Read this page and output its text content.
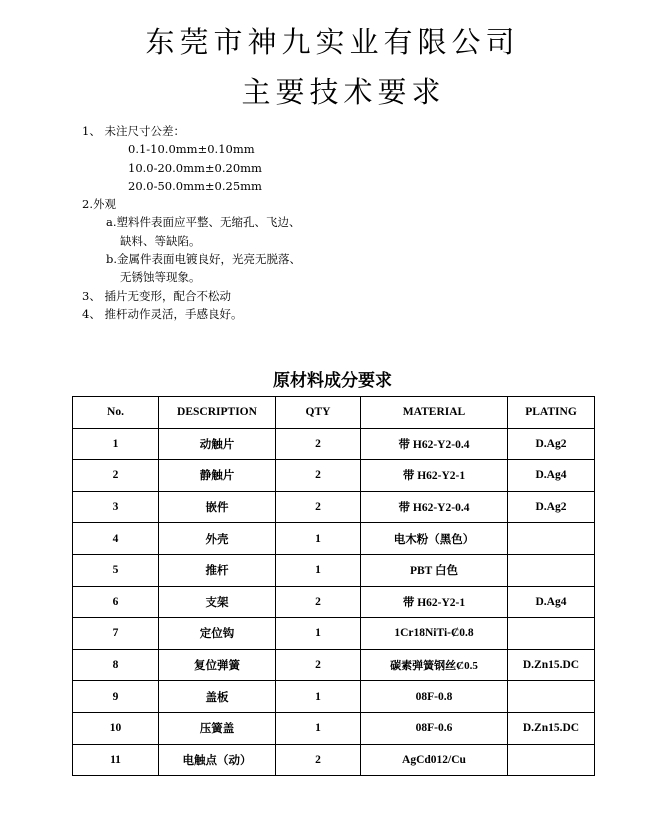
东莞市神九实业有限公司
主要技术要求
1、 未注尺寸公差：
0.1-10.0mm±0.10mm
10.0-20.0mm±0.20mm
20.0-50.0mm±0.25mm
2.外观
a.塑料件表面应平整、无缩孔、飞边、
缺料、等缺陷。
b.金属件表面电镀良好，光亮无脱落、
无锈蚀等现象。
3、 插片无变形，配合不松动
4、 推杆动作灵活，手感良好。
原材料成分要求
No.	DESCRIPTION	QTY	MATERIAL	PLATING
1	动触片	2	带 H62-Y2-0.4	D.Ag2
2	静触片	2	带 H62-Y2-1	D.Ag4
3	嵌件	2	带 H62-Y2-0.4	D.Ag2
4	外壳	1	电木粉（黑色）	
5	推杆	1	PBT 白色	
6	支架	2	带 H62-Y2-1	D.Ag4
7	定位钩	1	1Cr18NiTi-Ȼ0.8	
8	复位弹簧	2	碳素弹簧钢丝Ȼ0.5	D.Zn15.DC
9	盖板	1	08F-0.8	
10	压簧盖	1	08F-0.6	D.Zn15.DC
11	电触点（动）	2	AgCd012/Cu	
